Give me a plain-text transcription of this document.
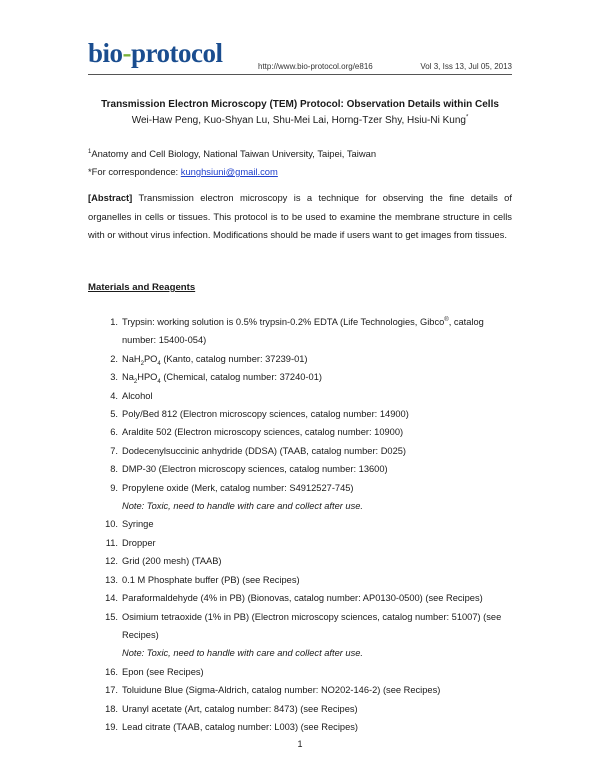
bio-protocol	http://www.bio-protocol.org/e816	Vol 3, Iss 13, Jul 05, 2013
Transmission Electron Microscopy (TEM) Protocol: Observation Details within Cells
Wei-Haw Peng, Kuo-Shyan Lu, Shu-Mei Lai, Horng-Tzer Shy, Hsiu-Ni Kung*
$^1$Anatomy and Cell Biology, National Taiwan University, Taipei, Taiwan
*For correspondence: kunghsiuni@gmail.com
[Abstract] Transmission electron microscopy is a technique for observing the fine details of organelles in cells or tissues. This protocol is to be used to examine the membrane structure in cells with or without virus infection. Modifications should be made if users want to get images from tissues.
Materials and Reagents
1 . Trypsin: working solution is 0.5% trypsin-0.2% EDTA (Life Technologies, Gibco®, catalog number: 15400-054)
2 . $NaH_2PO_4$ (Kanto, catalog number: 37239-01)
3 . $Na_2HPO_4$ (Chemical, catalog number: 37240-01)
4 . Alcohol
5 . Poly/Bed 812 (Electron microscopy sciences, catalog number: 14900)
6 . Araldite 502 (Electron microscopy sciences, catalog number: 10900)
7 . Dodecenylsuccinic anhydride (DDSA) (TAAB, catalog number: D025)
8 . DMP-30 (Electron microscopy sciences, catalog number: 13600)
9 . Propylene oxide (Merk, catalog number: S4912527-745)
Note: Toxic, need to handle with care and collect after use.
10 . Syringe
11 . Dropper
12 . Grid (200 mesh) (TAAB)
13 . 0.1 M Phosphate buffer (PB) (see Recipes)
14 . Paraformaldehyde (4% in PB) (Bionovas, catalog number: AP0130-0500) (see Recipes)
15 . Osimium tetraoxide (1% in PB) (Electron microscopy sciences, catalog number: 51007) (see Recipes)
Note: Toxic, need to handle with care and collect after use.
16 . Epon (see Recipes)
17 . Toluidune Blue (Sigma-Aldrich, catalog number: NO202-146-2) (see Recipes)
18 . Uranyl acetate (Art, catalog number: 8473) (see Recipes)
19 . Lead citrate (TAAB, catalog number: L003) (see Recipes)
1
